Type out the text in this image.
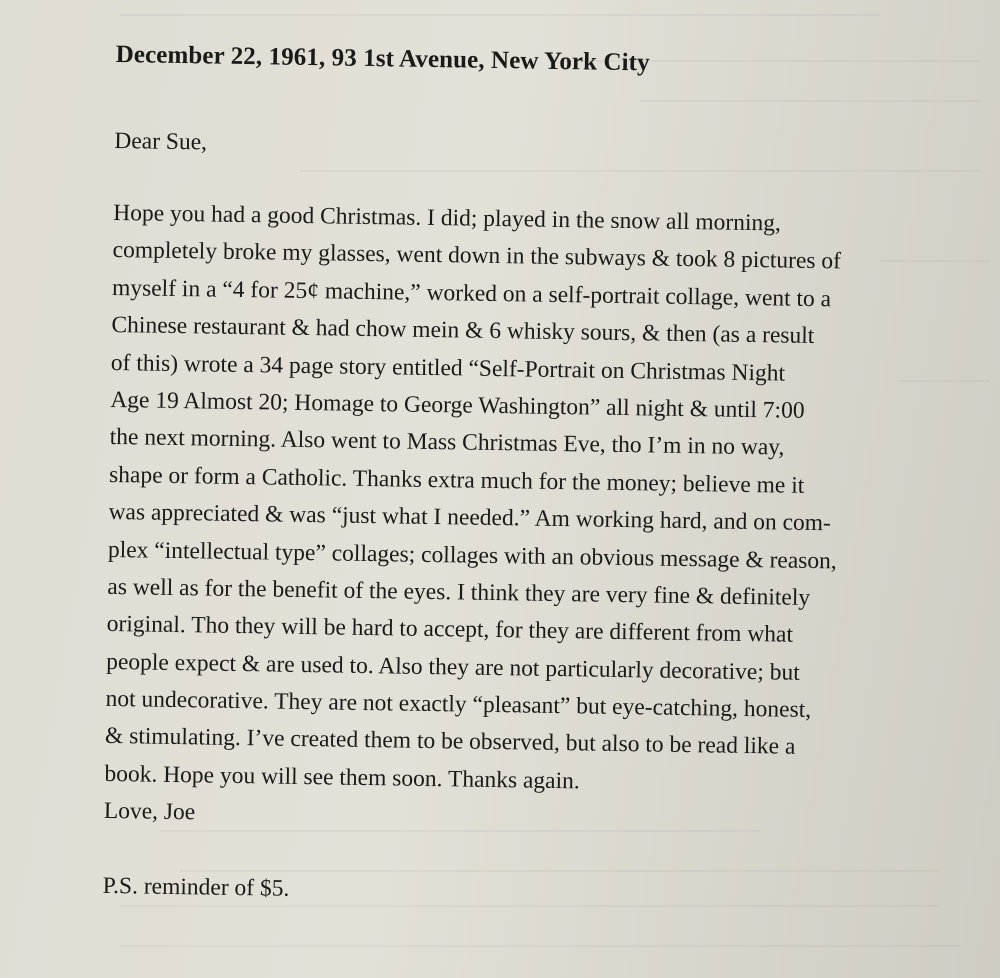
December 22, 1961, 93 1st Avenue, New York City
Dear Sue,
Hope you had a good Christmas. I did; played in the snow all morning,
completely broke my glasses, went down in the subways & took 8 pictures of
myself in a “4 for 25¢ machine,” worked on a self-portrait collage, went to a
Chinese restaurant & had chow mein & 6 whisky sours, & then (as a result
of this) wrote a 34 page story entitled “Self-Portrait on Christmas Night
Age 19 Almost 20; Homage to George Washington” all night & until 7:00
the next morning. Also went to Mass Christmas Eve, tho I’m in no way,
shape or form a Catholic. Thanks extra much for the money; believe me it
was appreciated & was “just what I needed.” Am working hard, and on com-
plex “intellectual type” collages; collages with an obvious message & reason,
as well as for the benefit of the eyes. I think they are very fine & definitely
original. Tho they will be hard to accept, for they are different from what
people expect & are used to. Also they are not particularly decorative; but
not undecorative. They are not exactly “pleasant” but eye-catching, honest,
& stimulating. I’ve created them to be observed, but also to be read like a
book. Hope you will see them soon. Thanks again.
Love, Joe
P.S. reminder of $5.
